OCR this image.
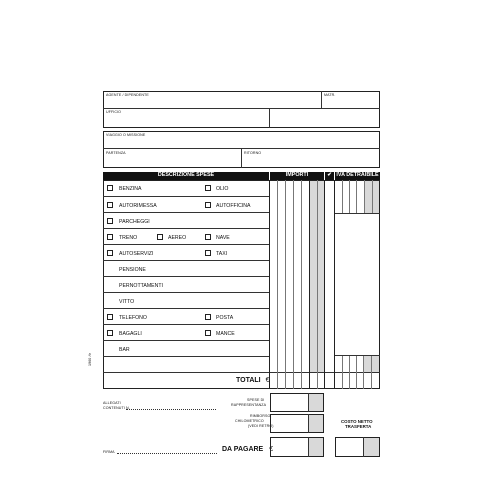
AGENTE / DIPENDENTE	MATR.
UFFICIO
VIAGGIO O MISSIONE
PARTENZA	RITORNO
DESCRIZIONE SPESE	IMPORTI	✔ IVA DETRAIBILE
BENZINA	OLIO
AUTORIMESSA	AUTOFFICINA
PARCHEGGI
TRENO	AEREO	NAVE
AUTOSERVIZI	TAXI
PENSIONE
PERNOTTAMENTI
VITTO
TELEFONO	POSTA
BAGAGLI	MANCE
BAR
1960 /tr
TOTALI €
ALLEGATI
CONTENUTI N.
SPESE DI
RAPPRESENTANZA
RIMBORSO
CHILOMETRICO
(VEDI RETRO)
COSTO NETTO
TRASFERTA
FIRMA	DA PAGARE €
